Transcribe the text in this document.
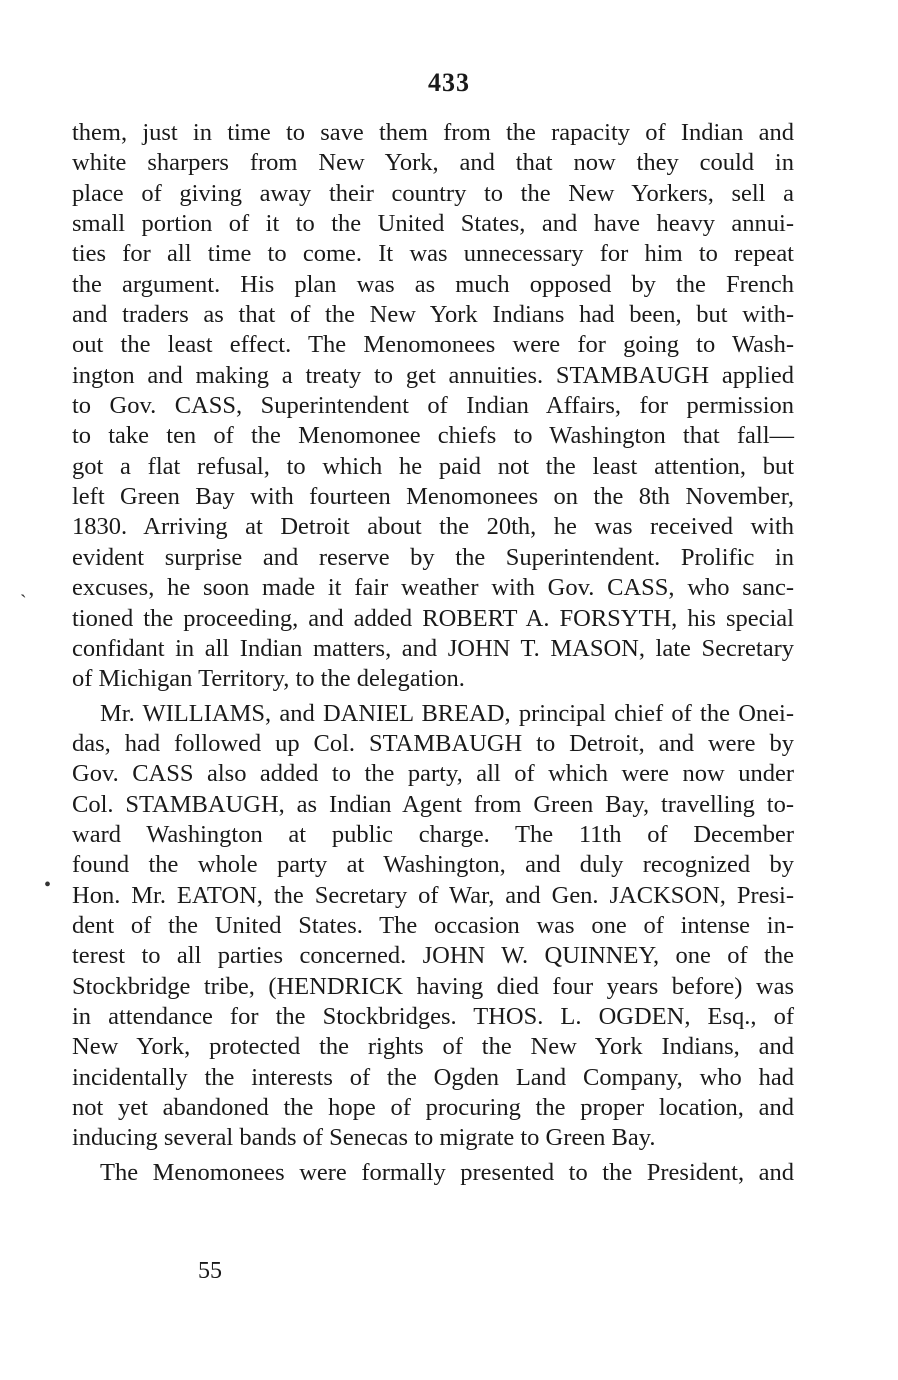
433
ˎ
•
them, just in time to save them from the rapacity of Indian and
white sharpers from New York, and that now they could in
place of giving away their country to the New Yorkers, sell a
small portion of it to the United States, and have heavy annui-
ties for all time to come. It was unnecessary for him to repeat
the argument. His plan was as much opposed by the French
and traders as that of the New York Indians had been, but with-
out the least effect. The Menomonees were for going to Wash-
ington and making a treaty to get annuities. STAMBAUGH applied
to Gov. CASS, Superintendent of Indian Affairs, for permission
to take ten of the Menomonee chiefs to Washington that fall—
got a flat refusal, to which he paid not the least attention, but
left Green Bay with fourteen Menomonees on the 8th November,
1830. Arriving at Detroit about the 20th, he was received with
evident surprise and reserve by the Superintendent. Prolific in
excuses, he soon made it fair weather with Gov. CASS, who sanc-
tioned the proceeding, and added ROBERT A. FORSYTH, his special
confidant in all Indian matters, and JOHN T. MASON, late Secretary
of Michigan Territory, to the delegation.
Mr. WILLIAMS, and DANIEL BREAD, principal chief of the Onei-
das, had followed up Col. STAMBAUGH to Detroit, and were by
Gov. CASS also added to the party, all of which were now under
Col. STAMBAUGH, as Indian Agent from Green Bay, travelling to-
ward Washington at public charge. The 11th of December
found the whole party at Washington, and duly recognized by
Hon. Mr. EATON, the Secretary of War, and Gen. JACKSON, Presi-
dent of the United States. The occasion was one of intense in-
terest to all parties concerned. JOHN W. QUINNEY, one of the
Stockbridge tribe, (HENDRICK having died four years before) was
in attendance for the Stockbridges. THOS. L. OGDEN, Esq., of
New York, protected the rights of the New York Indians, and
incidentally the interests of the Ogden Land Company, who had
not yet abandoned the hope of procuring the proper location, and
inducing several bands of Senecas to migrate to Green Bay.
The Menomonees were formally presented to the President, and
55
